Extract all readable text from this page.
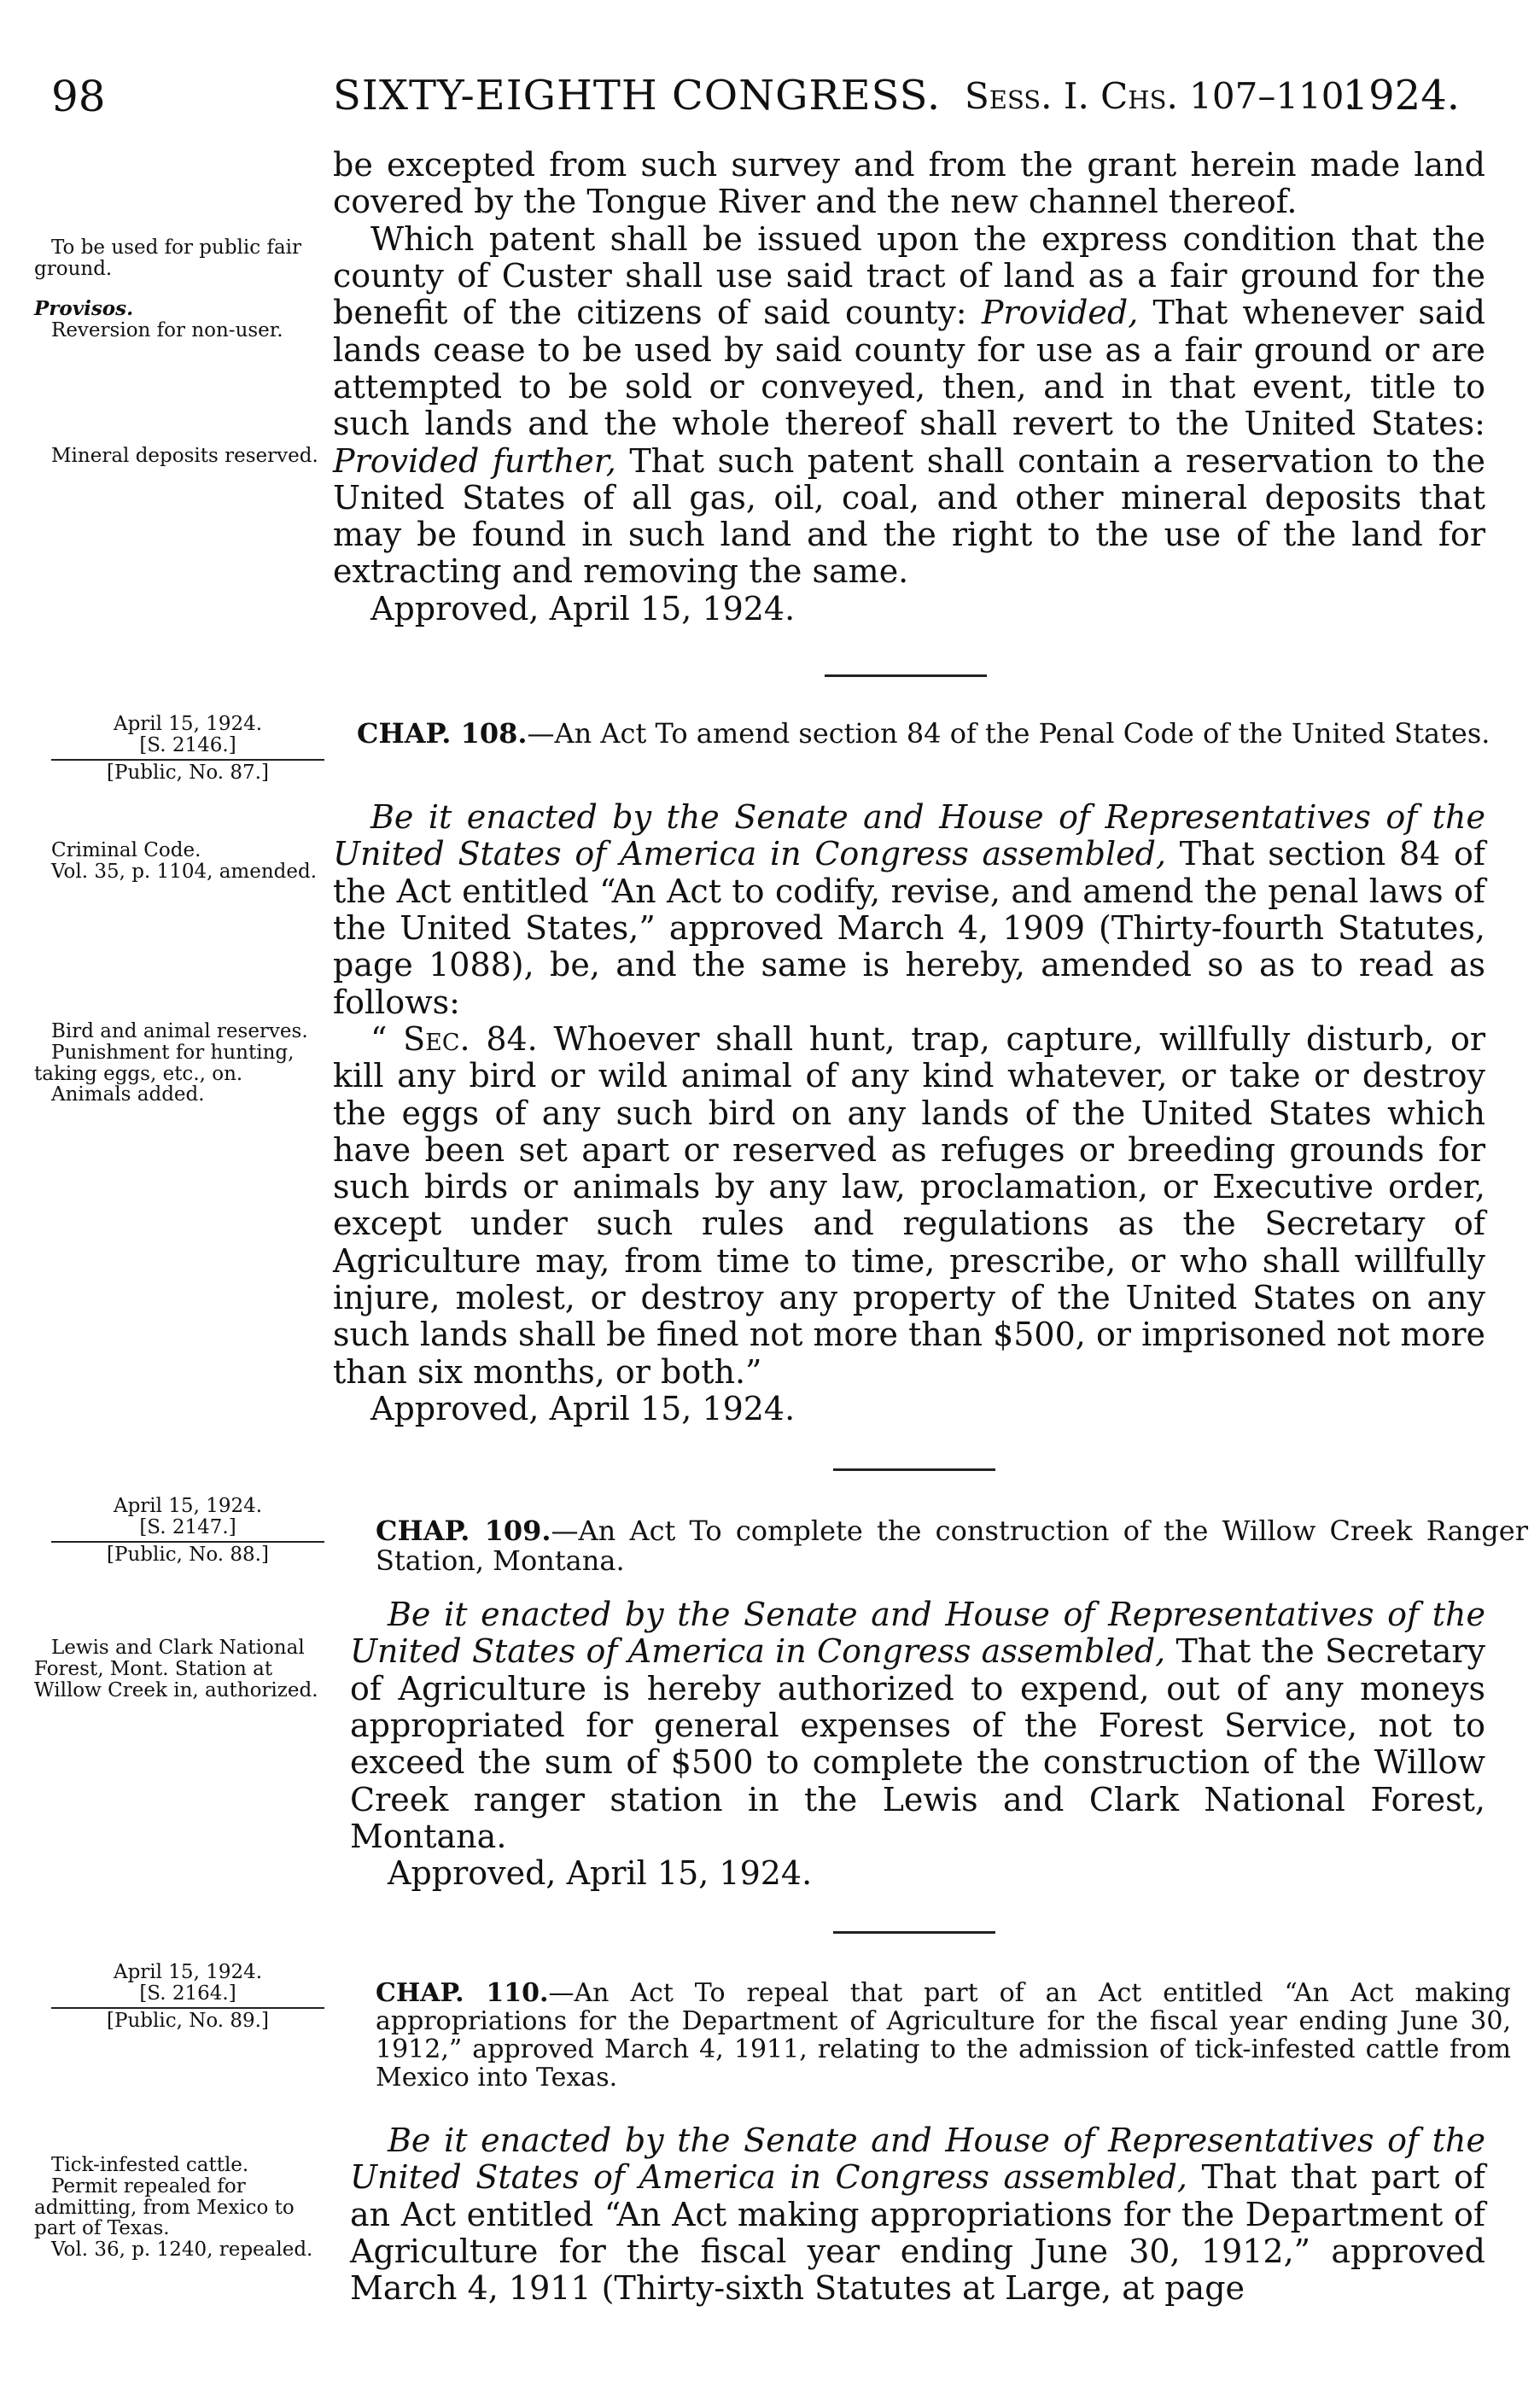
98	SIXTY-EIGHTH CONGRESS. Sess. I. Chs. 107–110.
1924.

be excepted from such survey and from the grant herein made land covered by the Tongue River and the new channel thereof.

Which patent shall be issued upon the express condition that the county of Custer shall use said tract of land as a fair ground for the benefit of the citizens of said county: Provided, That whenever said lands cease to be used by said county for use as a fair ground or are attempted to be sold or conveyed, then, and in that event, title to such lands and the whole thereof shall revert to the United States: Provided further, That such patent shall contain a reservation to the United States of all gas, oil, coal, and other mineral deposits that may be found in such land and the right to the use of the land for extracting and removing the same.

Approved, April 15, 1924.

To be used for public fair ground.

Provisos.

Reversion for non-user.

Mineral deposits reserved.

April 15, 1924.
[S. 2146.]
[Public, No. 87.]
CHAP. 108.—An Act To amend section 84 of the Penal Code of the United States.

Be it enacted by the Senate and House of Representatives of the United States of America in Congress assembled, That section 84 of the Act entitled “An Act to codify, revise, and amend the penal laws of the United States,” approved March 4, 1909 (Thirty-fourth Statutes, page 1088), be, and the same is hereby, amended so as to read as follows:

“ Sec. 84. Whoever shall hunt, trap, capture, willfully disturb, or kill any bird or wild animal of any kind whatever, or take or destroy the eggs of any such bird on any lands of the United States which have been set apart or reserved as refuges or breeding grounds for such birds or animals by any law, proclamation, or Executive order, except under such rules and regulations as the Secretary of Agriculture may, from time to time, prescribe, or who shall willfully injure, molest, or destroy any property of the United States on any such lands shall be fined not more than $500, or imprisoned not more than six months, or both.”

Approved, April 15, 1924.

Criminal Code.

Vol. 35, p. 1104, amended.

Bird and animal reserves.

Punishment for hunting, taking eggs, etc., on.

Animals added.

April 15, 1924.
[S. 2147.]
[Public, No. 88.]
CHAP. 109.—An Act To complete the construction of the Willow Creek Ranger Station, Montana.

Be it enacted by the Senate and House of Representatives of the United States of America in Congress assembled, That the Secretary of Agriculture is hereby authorized to expend, out of any moneys appropriated for general expenses of the Forest Service, not to exceed the sum of $500 to complete the construction of the Willow Creek ranger station in the Lewis and Clark National Forest, Montana.

Approved, April 15, 1924.

Lewis and Clark National Forest, Mont. Station at Willow Creek in, authorized.

April 15, 1924.
[S. 2164.]
[Public, No. 89.]
CHAP. 110.—An Act To repeal that part of an Act entitled “An Act making appropriations for the Department of Agriculture for the fiscal year ending June 30, 1912,” approved March 4, 1911, relating to the admission of tick-infested cattle from Mexico into Texas.

Be it enacted by the Senate and House of Representatives of the United States of America in Congress assembled, That that part of an Act entitled “An Act making appropriations for the Department of Agriculture for the fiscal year ending June 30, 1912,” approved March 4, 1911 (Thirty-sixth Statutes at Large, at page

Tick-infested cattle.

Permit repealed for admitting, from Mexico to part of Texas.

Vol. 36, p. 1240, repealed.
